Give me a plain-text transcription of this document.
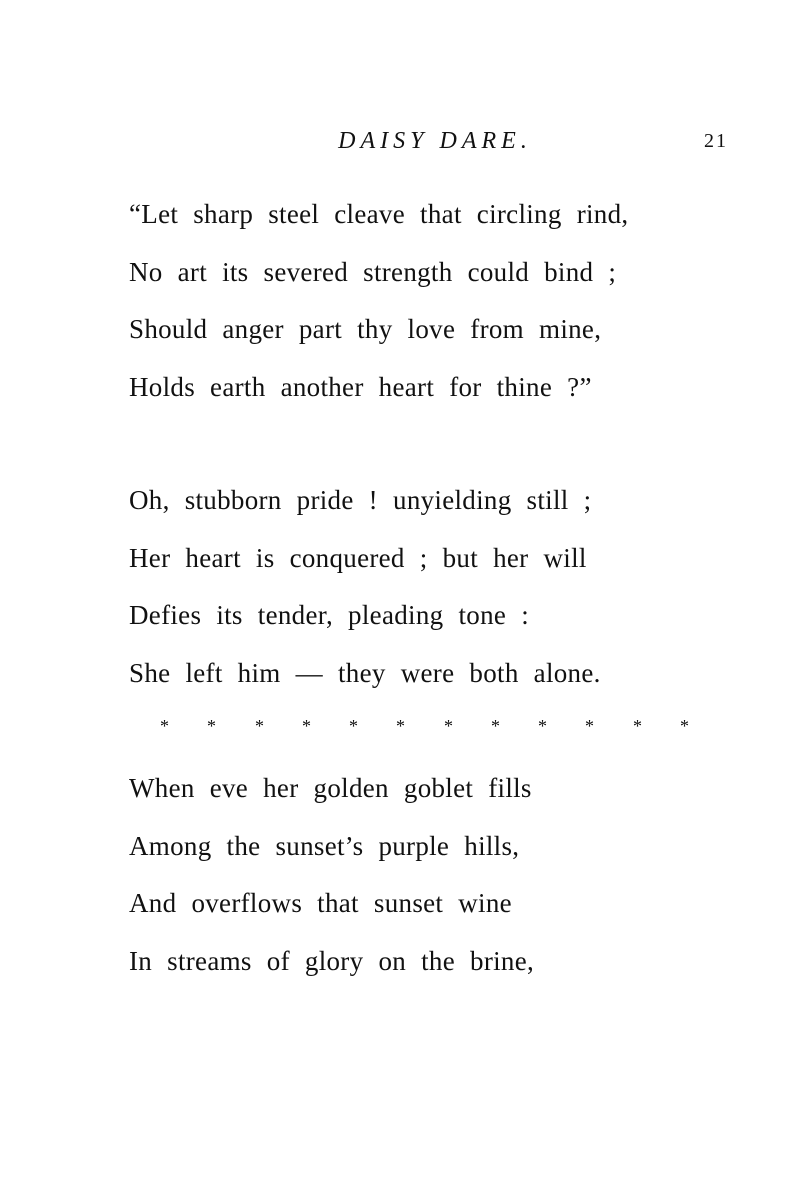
DAISY DARE.	21
“Let sharp steel cleave that circling rind,
No art its severed strength could bind ;
Should anger part thy love from mine,
Holds earth another heart for thine ?”
Oh, stubborn pride ! unyielding still ;
Her heart is conquered ; but her will
Defies its tender, pleading tone :
She left him — they were both alone.
* * * * * * * * * * * *
When eve her golden goblet fills
Among the sunset’s purple hills,
And overflows that sunset wine
In streams of glory on the brine,
